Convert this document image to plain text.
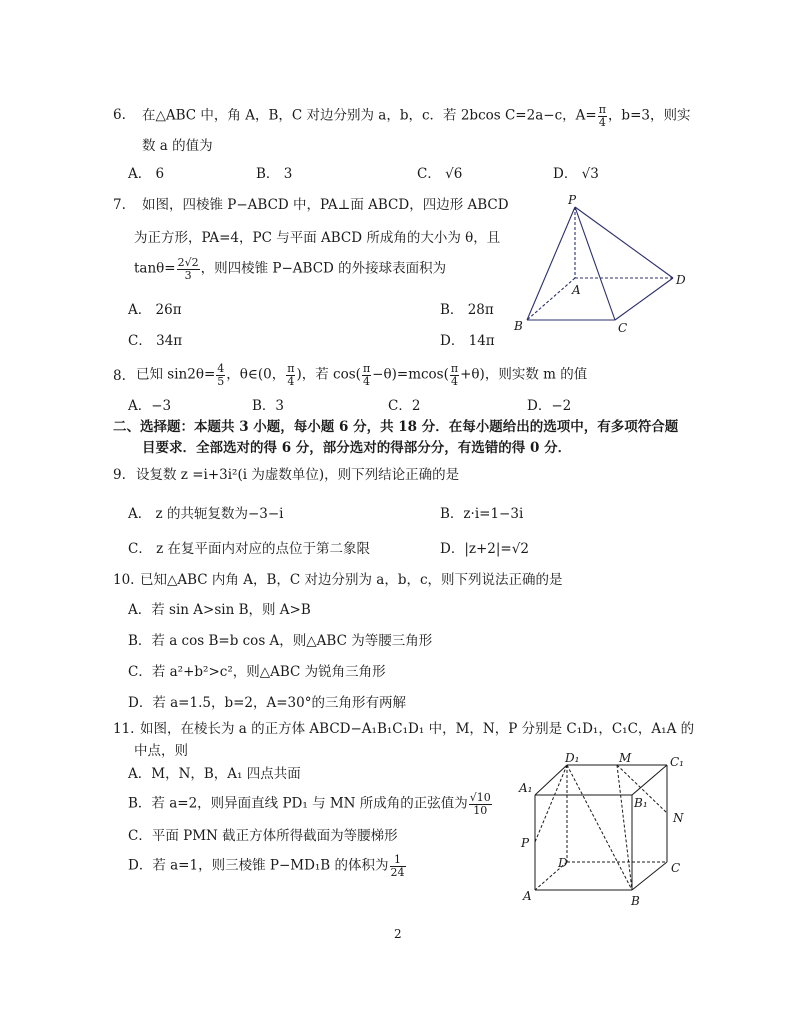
6. 在△ABC 中，角 A，B，C 对边分别为 a，b，c．若 2bcos C=2a−c，$A= \frac{\pi}{4}$ ，b=3，则实
数 a 的值为
A． 6	B． 3	C． √6	D． √3
7. 如图，四棱锥 P−ABCD 中，PA⊥面 ABCD，四边形 ABCD
为正方形，PA=4，PC 与平面 ABCD 所成角的大小为 θ，且
$\tan\theta= \frac{2√2}{3}$ ，则四棱锥 P−ABCD 的外接球表面积为
A． 26π	B． 28π
C． 34π	D． 14π
P
D
A
B	C
8. 已知 $\sin 2\theta= \frac{4}{5}$ ，θ∈(0， $\frac{\pi}{4}$ )，若 $\cos( \frac{\pi}{4} -\theta)=mcos( \frac{\pi}{4} +\theta)$，则实数 m 的值
A．−3	B．3	C．2	D．−2
二、选择题：本题共 3 小题，每小题 6 分，共 18 分．在每小题给出的选项中，有多项符合题
目要求．全部选对的得 6 分，部分选对的得部分分，有选错的得 0 分．
9. 设复数 z =i+3i²(i 为虚数单位)，则下列结论正确的是
A． z 的共轭复数为−3−i	B．z·i=1−3i
C． z 在复平面内对应的点位于第二象限	D．|z+2|=√2
10. 已知△ABC 内角 A，B，C 对边分别为 a，b，c，则下列说法正确的是
A．若 sin A>sin B，则 A>B
B．若 a cos B=b cos A，则△ABC 为等腰三角形
C．若 a²+b²>c²，则△ABC 为锐角三角形
D．若 a=1.5，b=2，A=30°的三角形有两解
11. 如图，在棱长为 a 的正方体 ABCD−A₁B₁C₁D₁ 中，M，N，P 分别是 C₁D₁，C₁C，A₁A 的
中点，则
A．M，N，B，A₁ 四点共面
B．若 a=2，则异面直线 PD₁ 与 MN 所成角的正弦值为 $\frac{√10}{10}$
C．平面 PMN 截正方体所得截面为等腰梯形
D．若 a=1，则三棱锥 P−MD₁B 的体积为 $\frac{1}{24}$
D₁	M	C₁
A₁
B₁
N
P
D	C
A	B
2
